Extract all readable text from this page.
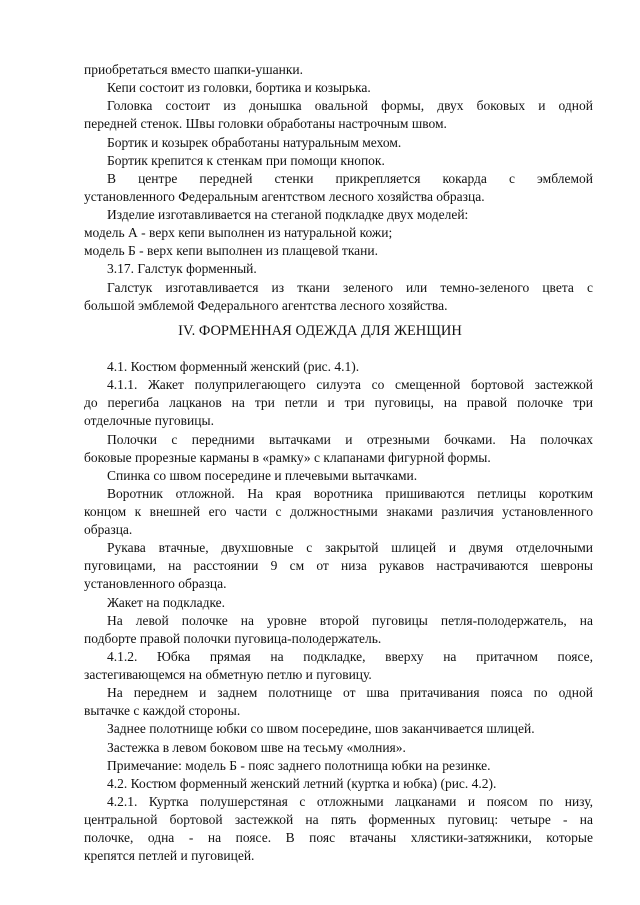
приобретаться вместо шапки-ушанки.
Кепи состоит из головки, бортика и козырька.
Головка состоит из донышка овальной формы, двух боковых и одной
передней стенок. Швы головки обработаны настрочным швом.
Бортик и козырек обработаны натуральным мехом.
Бортик крепится к стенкам при помощи кнопок.
В центре передней стенки прикрепляется кокарда с эмблемой
установленного Федеральным агентством лесного хозяйства образца.
Изделие изготавливается на стеганой подкладке двух моделей:
модель А - верх кепи выполнен из натуральной кожи;
модель Б - верх кепи выполнен из плащевой ткани.
3.17. Галстук форменный.
Галстук изготавливается из ткани зеленого или темно-зеленого цвета с
большой эмблемой Федерального агентства лесного хозяйства.
IV. ФОРМЕННАЯ ОДЕЖДА ДЛЯ ЖЕНЩИН
4.1. Костюм форменный женский (рис. 4.1).
4.1.1. Жакет полуприлегающего силуэта со смещенной бортовой застежкой
до перегиба лацканов на три петли и три пуговицы, на правой полочке три
отделочные пуговицы.
Полочки с передними вытачками и отрезными бочками. На полочках
боковые прорезные карманы в «рамку» с клапанами фигурной формы.
Спинка со швом посередине и плечевыми вытачками.
Воротник отложной. На края воротника пришиваются петлицы коротким
концом к внешней его части с должностными знаками различия установленного
образца.
Рукава втачные, двухшовные с закрытой шлицей и двумя отделочными
пуговицами, на расстоянии 9 см от низа рукавов настрачиваются шевроны
установленного образца.
Жакет на подкладке.
На левой полочке на уровне второй пуговицы петля-полодержатель, на
подборте правой полочки пуговица-полодержатель.
4.1.2. Юбка прямая на подкладке, вверху на притачном поясе,
застегивающемся на обметную петлю и пуговицу.
На переднем и заднем полотнище от шва притачивания пояса по одной
вытачке с каждой стороны.
Заднее полотнище юбки со швом посередине, шов заканчивается шлицей.
Застежка в левом боковом шве на тесьму «молния».
Примечание: модель Б - пояс заднего полотнища юбки на резинке.
4.2. Костюм форменный женский летний (куртка и юбка) (рис. 4.2).
4.2.1. Куртка полушерстяная с отложными лацканами и поясом по низу,
центральной бортовой застежкой на пять форменных пуговиц: четыре - на
полочке, одна - на поясе. В пояс втачаны хлястики-затяжники, которые
крепятся петлей и пуговицей.
